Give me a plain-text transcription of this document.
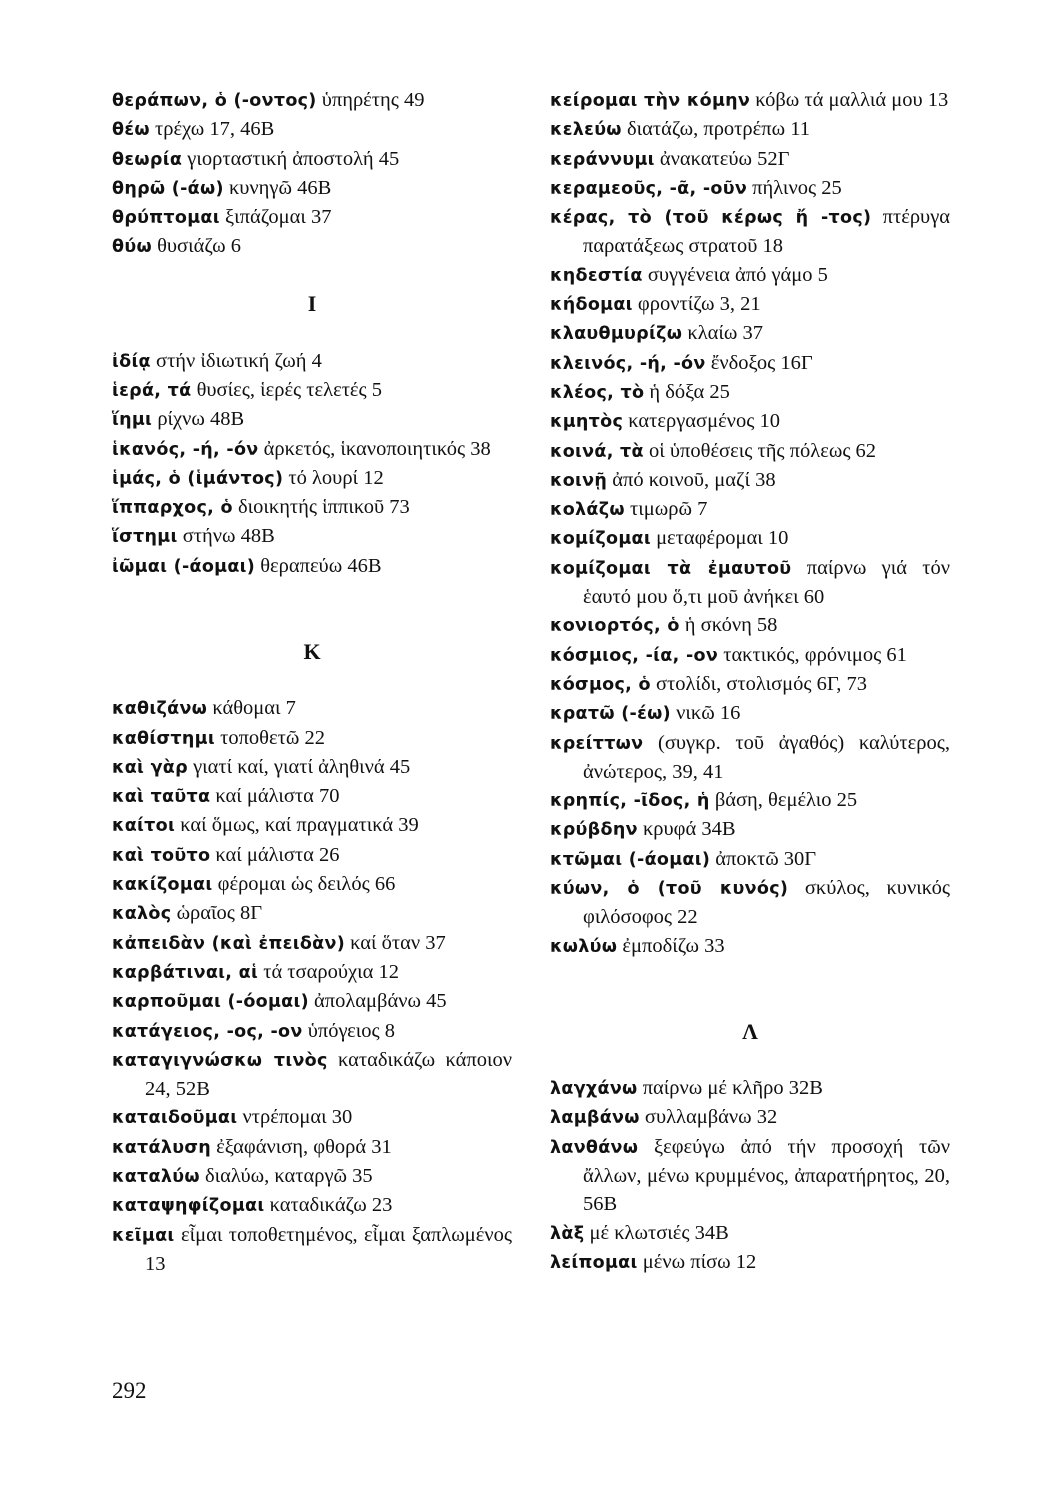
θεράπων, ὁ (-οντος) ὑπηρέτης 49
θέω τρέχω 17, 46Β
θεωρία γιορταστική ἀποστολή 45
θηρῶ (-άω) κυνηγῶ 46Β
θρύπτομαι ξιπάζομαι 37
θύω θυσιάζω 6
Ι
ἰδίᾳ στήν ἰδιωτική ζωή 4
ἱερά, τά θυσίες, ἱερές τελετές 5
ἵημι ρίχνω 48Β
ἱκανός, -ή, -όν ἀρκετός, ἱκανοποιητικός 38
ἱμάς, ὁ (ἱμάντος) τό λουρί 12
ἵππαρχος, ὁ διοικητής ἱππικοῦ 73
ἵστημι στήνω 48Β
ἰῶμαι (-άομαι) θεραπεύω 46Β
Κ
καθιζάνω κάθομαι 7
καθίστημι τοποθετῶ 22
καὶ γὰρ γιατί καί, γιατί ἀληθινά 45
καὶ ταῦτα καί μάλιστα 70
καίτοι καί ὅμως, καί πραγματικά 39
καὶ τοῦτο καί μάλιστα 26
κακίζομαι φέρομαι ὡς δειλός 66
καλὸς ὡραῖος 8Γ
κἀπειδὰν (καὶ ἐπειδὰν) καί ὅταν 37
καρβάτιναι, αἱ τά τσαρούχια 12
καρποῦμαι (-όομαι) ἀπολαμβάνω 45
κατάγειος, -ος, -ον ὑπόγειος 8
καταγιγνώσκω τινὸς καταδικάζω κάποιον 24, 52Β
καταιδοῦμαι ντρέπομαι 30
κατάλυση ἐξαφάνιση, φθορά 31
καταλύω διαλύω, καταργῶ 35
καταψηφίζομαι καταδικάζω 23
κεῖμαι εἶμαι τοποθετημένος, εἶμαι ξαπλωμένος 13
κείρομαι τὴν κόμην κόβω τά μαλλιά μου 13
κελεύω διατάζω, προτρέπω 11
κεράννυμι ἀνακατεύω 52Γ
κεραμεοῦς, -ᾶ, -οῦν πήλινος 25
κέρας, τὸ (τοῦ κέρως ἤ -τος) πτέρυγα παρατάξεως στρατοῦ 18
κηδεστία συγγένεια ἀπό γάμο 5
κήδομαι φροντίζω 3, 21
κλαυθμυρίζω κλαίω 37
κλεινός, -ή, -όν ἔνδοξος 16Γ
κλέος, τὸ ἡ δόξα 25
κμητὸς κατεργασμένος 10
κοινά, τὰ οἱ ὑποθέσεις τῆς πόλεως 62
κοινῇ ἀπό κοινοῦ, μαζί 38
κολάζω τιμωρῶ 7
κομίζομαι μεταφέρομαι 10
κομίζομαι τὰ ἐμαυτοῦ παίρνω γιά τόν ἑαυτό μου ὅ,τι μοῦ ἀνήκει 60
κονιορτός, ὁ ἡ σκόνη 58
κόσμιος, -ία, -ον τακτικός, φρόνιμος 61
κόσμος, ὁ στολίδι, στολισμός 6Γ, 73
κρατῶ (-έω) νικῶ 16
κρείττων (συγκρ. τοῦ ἀγαθός) καλύτερος, ἀνώτερος, 39, 41
κρηπίς, -ῖδος, ἡ βάση, θεμέλιο 25
κρύβδην κρυφά 34Β
κτῶμαι (-άομαι) ἀποκτῶ 30Γ
κύων, ὁ (τοῦ κυνός) σκύλος, κυνικός φιλόσοφος 22
κωλύω ἐμποδίζω 33
Λ
λαγχάνω παίρνω μέ κλῆρο 32Β
λαμβάνω συλλαμβάνω 32
λανθάνω ξεφεύγω ἀπό τήν προσοχή τῶν ἄλλων, μένω κρυμμένος, ἀπαρατήρητος, 20, 56Β
λὰξ μέ κλωτσιές 34Β
λείπομαι μένω πίσω 12
292
